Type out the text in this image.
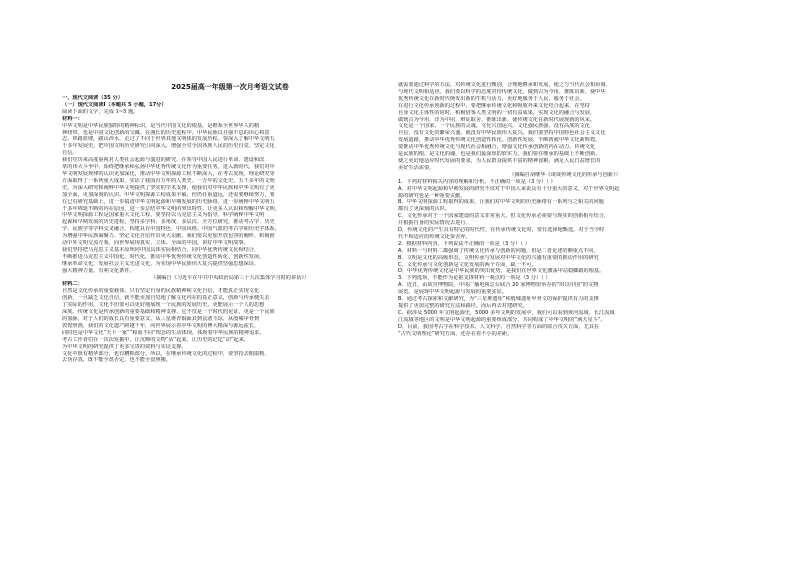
2025届高一年级第一次月考语文试卷
一、现代文阅读（35 分）
（一）现代文阅读Ⅰ（本题共 5 小题，17分）
阅读下面的文字，完成 1~5 题。
材料一：
中华文明是中华民族独特的精神标识，是当代中国文化的根基，是维系全世界华人的精
神纽带，也是中国文化创新的宝藏。在漫长的历史进程中，中华民族以自强不息的决心和意
志，筚路蓝缕，跋山涉水，走过了不同于世界其他文明体的发展历程。要深入了解中华文明五
千多年发展史，把中国文明历史研究引向深入，增强全党全国各族人民的历史自觉、坚定文化
自信。
我们党历来高度重视对人类社会起源与演进的研究，在领导中国人民进行革命、建设和改
革的伟大斗争中，始终把继承和弘扬中华优秀传统文化作为重要任务。进入新时代，我们对中
华文明发展规律的认识更加深化，推动中华文明探源工程不断深入，在考古发现、理论研究等
方面取得了一系列重大成果，实证了我国百万年的人类史、一万年的文化史、五千多年的文明
史，为深入研究和阐释中华文明提供了坚实的学术支撑，使我们对中华民族和中华文明有了更
加全面、更加深刻的认识。中华文明探源工程成果丰硕，但仍任重道远，还需要继续努力，要
在已有研究基础上，进一步搞清中华文明起源和早期发展的历史脉络，进一步阐释中华文明五
千多年绵延不断的内在原因，进一步总结中华文明的突出特性，让更多人认识和理解中华文明。
中华文明探源工程是国家重大文化工程，要坚持以马克思主义为指导，科学阐释中华文明
起源和早期发展的历史进程，坚持多学科、多角度、多层次、全方位研究，推动考古学、历史
学、民族学等学科交叉融合，构建具有中国特色、中国风格、中国气派的考古学和历史学体系，
为增强中华民族凝聚力、坚定文化自信作出更大贡献。我们要以更加开放包容的胸怀，积极推
动中外文明交流互鉴，向世界展现真实、立体、全面的中国，讲好中华文明故事。
我们坚持把马克思主义基本原理同中国具体实际相结合，同中华优秀传统文化相结合，
不断推进马克思主义中国化、时代化，推动中华优秀传统文化创造性转化、创新性发展，
继承革命文化，发展社会主义先进文化，为实现中华民族伟大复兴提供坚强思想保证、
强大精神力量、有利文化条件。
（摘编自《习近平在中共中央政治局第三十九次集体学习时的讲话》）
材料二：
自然是文化传承的重要载体，只有坚定自身的民族精神和文化自信，才能真正实现文化
创新，一旦缺乏文化自信，就不能更加自觉地了解文化内在的真正意义，创新与传承便失去
了实际的作用。文化不但要可以更好地展现一个民族的发展历史，更能展示一个人的思想
深度。传统文化是传承创新的重要基础和精神支撑，它不仅是一个时代的见证，更是一个民族
的血脉，对于人们的成长具有重要意义。从三星堆青铜面具到良渚玉琮，从殷墟甲骨到
敦煌壁画，我们的文化遗产跨越千年，向世界展示着中华文明的博大精深与源远流长，
同时也是中华文化“天下一家”“和而不同”理念的生动体现，体现着中华民族的精神追求。
考古工作者们在一次次发掘中，让沉睡的文物“活”起来，让历史的记忆“动”起来，
为中华文明的研究提供了更多宝贵的资料与实证支撑。
文化中既有精华部分，也有糟粕部分。所以，在继承传统文化的过程中，要坚持去粗取精、
去伪存真，既不能全盘否定，也不能全盘照搬。
就需要通过科学的方法，对传统文化进行甄别，合理地继承和发展，使之与当代社会相协调、
与现代文明相适应。我们要以科学的态度对待传统文化，做到古为今用、推陈出新，使中华
优秀传统文化在新时代焕发出新的生机与活力，更好地服务于人民、服务于社会。
在进行文化传承创新的过程中，要把继承传统文化和吸收外来文化结合起来，在坚持
自身文化主体性的同时，积极借鉴人类文明的一切有益成果，实现文化的融合与发展，
做到古为今用、洋为中用，辩证取舍、推陈出新，使传统文化在新时代展现新的风采。
文化是一个国家、一个民族的灵魂。文化兴国运兴，文化强民族强。没有高度的文化
自信，没有文化的繁荣兴盛，就没有中华民族伟大复兴。我们要坚持中国特色社会主义文化
发展道路，推动中华优秀传统文化创造性转化、创新性发展，不断铸就中华文化新辉煌。
要推动中华优秀传统文化与现代社会相融合，增强文化传承创新的内在动力。传统文化
是民族的根，是文化的魂，也是我们最深厚的软实力。我们要在继承的基础上不断创新，
使之更好地适应时代发展的要求，为人民群众提供丰富的精神食粮，满足人民日益增长的
美好生活需要。
（摘编自胡继华《谈谈传统文化的传承与创新》）
1．下列对材料相关内容的理解和分析，不正确的一项是（3 分）（ ）
A．对中华文明起源和早期发展的研究不仅对于中国人来说具有十分重大的意义，对于世界文明起
源的研究也是一种重要贡献。
B．中华文明探源工程取得的成果，让我们对中华文明的历史脉络有一系列与之相关的问题
都有了更深刻的认识。
C．文化传承对于一个国家建设的意义非常重大，但文化传承必须要与现实的创新相互结合，
并根据自身的实际情况去进行。
D．传统文化的产生具有特定的时代性，在传承传统文化时，要有选择地甄选，对于当今时
代不相适应的传统文化要舍弃。
2．根据材料内容，下列说法不正确的一项是（3 分）（ ）
A．材料一与材料二都强调了传统文化传承与创新的问题，但是二者论述的侧重点不同。
B．文明是文化的高级形态，文明传承与发展对中华文化的兴盛有重要的推动作用的研究
C．文化传承与文化创新是文化发展的两个方面，缺一不可。
D．中华优秀传统文化是中华民族的突出优势，是我们在世界文化激荡中站稳脚跟的根基。
3．下列选项，不能作为论据支撑材料一观点的一项是（3 分）（ ）
A．近日，由故宫博物院、中央广播电视总台联合 20 家博物馆举办的“时以中国”的文物
展览，是展现中华文明起源与发展的重要实证。
B．通过考古探索和文献研究，为“三星堆遗址”和殷墟遗址甲骨文的保护提供有力的支撑
提供了更加完整的研究方法和路径，而后再去对建研究。
C．据涉及 5000 年文明起源史，5000 多年文明的发展中，我们可以看到黄河流域、长江流域
江流域等地区的文明是中华文明起源的重要组成部分，共同构成了中华文明的“满天星斗”。
D．目前，我国考古学在科学技术、人文科学、自然科学等方面的联合攻关方面，尤其在
“古代文明理论”研究方面，还存在着不小的差距。
